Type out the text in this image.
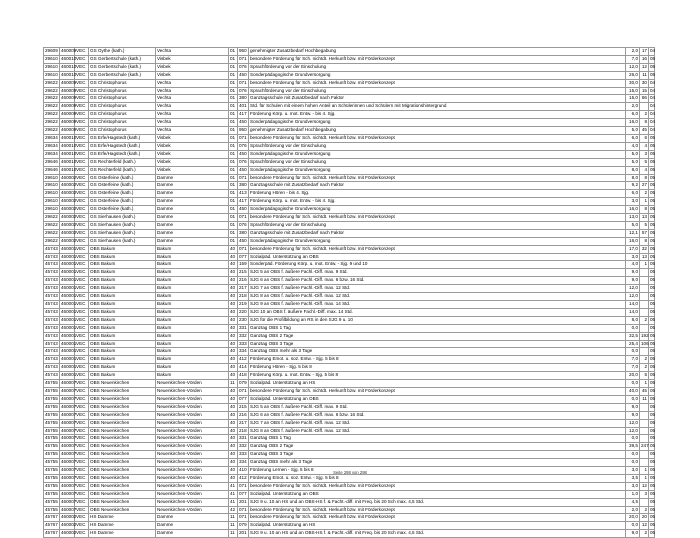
29609	460009	VEC	GS Oythe (kath.)	Vechta	01	950	genehmigter Zusatzbedarf Hochbegabung	2,0	17	04
29610	460010	VEC	GS Gerbertschule (kath.)	Visbek	01	071	besondere Förderung für Sch. nichtdt. Herkunft bzw. mit Förderkonzept	7,0	16	05
29610	460010	VEC	GS Gerbertschule (kath.)	Visbek	01	076	Sprachförderung vor der Einschulung	12,0	12	05
29610	460010	VEC	GS Gerbertschule (kath.)	Visbek	01	450	Sonderpädagogische Grundversorgung	26,0	11	05
29622	460009	VEC	GS Christophorus	Vechta	01	071	besondere Förderung für Sch. nichtdt. Herkunft bzw. mit Förderkonzept	30,0	30	04
29622	460009	VEC	GS Christophorus	Vechta	01	076	Sprachförderung vor der Einschulung	15,0	15	04
29622	460009	VEC	GS Christophorus	Vechta	01	380	Ganztagsschule mit Zusatzbedarf nach Faktor	15,0	86	04
29622	460009	VEC	GS Christophorus	Vechta	01	401	Std. für Schulen mit einem hohen Anteil an Schülerinnen und Schülern mit Migrationshintergrund	2,0		04
29622	460009	VEC	GS Christophorus	Vechta	01	417	Förderung Körp. u. mot. Entw. - bis 4. Sjg.	6,0	2	04
29622	460009	VEC	GS Christophorus	Vechta	01	450	Sonderpädagogische Grundversorgung	16,0	8	04
29622	460009	VEC	GS Christophorus	Vechta	01	950	genehmigter Zusatzbedarf Hochbegabung	5,0	45	04
29634	460010	VEC	GS Erfe/Hagstedt (kath.)	Visbek	01	071	besondere Förderung für Sch. nichtdt. Herkunft bzw. mit Förderkonzept	6,0	6	05
29634	460010	VEC	GS Erfe/Hagstedt (kath.)	Visbek	01	076	Sprachförderung vor der Einschulung	4,0	4	05
29634	460010	VEC	GS Erfe/Hagstedt (kath.)	Visbek	01	450	Sonderpädagogische Grundversorgung	5,0	3	05
29646	460010	VEC	GS Rechterfeld (kath.)	Visbek	01	076	Sprachförderung vor der Einschulung	5,0	5	05
29646	460010	VEC	GS Rechterfeld (kath.)	Visbek	01	450	Sonderpädagogische Grundversorgung	8,0	4	05
29610	460002	VEC	GS Osterfeine (kath.)	Damme	01	071	besondere Förderung für Sch. nichtdt. Herkunft bzw. mit Förderkonzept	8,0	8	05
29610	460002	VEC	GS Osterfeine (kath.)	Damme	01	380	Ganztagsschule mit Zusatzbedarf nach Faktor	9,2	27	05
29610	460002	VEC	GS Osterfeine (kath.)	Damme	01	413	Förderung Hören - bis 4. Sjg.	6,0	2	05
29610	460002	VEC	GS Osterfeine (kath.)	Damme	01	417	Förderung Körp. u. mot. Entw. - bis 4. Sjg.	3,0	1	05
29610	460002	VEC	GS Osterfeine (kath.)	Damme	01	450	Sonderpädagogische Grundversorgung	16,0	8	05
29622	460002	VEC	GS Sierhausen (kath.)	Damme	01	071	besondere Förderung für Sch. nichtdt. Herkunft bzw. mit Förderkonzept	13,0	13	05
29622	460002	VEC	GS Sierhausen (kath.)	Damme	01	076	Sprachförderung vor der Einschulung	5,0	5	05
29622	460002	VEC	GS Sierhausen (kath.)	Damme	01	380	Ganztagsschule mit Zusatzbedarf nach Faktor	12,1	57	05
29622	460002	VEC	GS Sierhausen (kath.)	Damme	01	450	Sonderpädagogische Grundversorgung	16,0	8	05
45743	460001	VEC	OBS Bakum	Bakum	40	071	besondere Förderung für Sch. nichtdt. Herkunft bzw. mit Förderkonzept	17,0	32	05
45743	460001	VEC	OBS Bakum	Bakum	40	077	Sozialpäd. Unterstützung an OBS	3,0	13	05
45743	460001	VEC	OBS Bakum	Bakum	40	159	Sonderpäd. Förderung Körp. u. mot. Entw. - Sjg. 9 und 10	4,0	1	05
45743	460001	VEC	OBS Bakum	Bakum	40	215	SJG 5 an OBS f. äußere Fachl.-Diff. max. 9 Std.	9,0		05
45743	460001	VEC	OBS Bakum	Bakum	40	216	SJG 6 an OBS f. äußere Fachl.-Diff. max. 6 bzw. 16 Std.	9,0		05
45743	460001	VEC	OBS Bakum	Bakum	40	217	SJG 7 an OBS f. äußere Fachl.-Diff. max. 12 Std.	12,0		05
45743	460001	VEC	OBS Bakum	Bakum	40	218	SJG 8 an OBS f. äußere Fachl.-Diff. max. 12 Std.	12,0		05
45743	460001	VEC	OBS Bakum	Bakum	40	219	SJG 9 an OBS f. äußere Fachl.-Diff. max. 14 Std.	14,0		05
45743	460001	VEC	OBS Bakum	Bakum	40	220	SJG 10 an OBS f. äußere Fachl.-Diff. max. 14 Std.	14,0		05
45743	460001	VEC	OBS Bakum	Bakum	40	230	SJG für die Profilbildung an RS in den SJG 9 u. 10	8,0	2	05
45743	460001	VEC	OBS Bakum	Bakum	40	331	Ganztag OBS 1 Tag	0,0		05
45743	460001	VEC	OBS Bakum	Bakum	40	332	Ganztag OBS 2 Tage	32,5	192	05
45743	460001	VEC	OBS Bakum	Bakum	40	333	Ganztag OBS 3 Tage	25,4	106	05
45743	460001	VEC	OBS Bakum	Bakum	40	334	Ganztag OBS mehr als 3 Tage	0,0		05
45743	460001	VEC	OBS Bakum	Bakum	40	412	Förderung Emot. u. soz. Entw. - Sjg. 5 bis 8	7,0	2	05
45743	460001	VEC	OBS Bakum	Bakum	40	414	Förderung Hören - Sjg. 5 bis 8	7,0	2	05
45743	460001	VEC	OBS Bakum	Bakum	40	418	Förderung Körp. u. mot. Entw. - Sjg. 5 bis 8	20,0	5	05
45755	460007	VEC	OBS Neuenkirchen	Neuenkirchen-Vörden	11	079	Sozialpäd. Unterstützung an HS	0,0	1	05
45755	460007	VEC	OBS Neuenkirchen	Neuenkirchen-Vörden	40	071	besondere Förderung für Sch. nichtdt. Herkunft bzw. mit Förderkonzept	40,0	45	05
45755	460007	VEC	OBS Neuenkirchen	Neuenkirchen-Vörden	40	077	Sozialpäd. Unterstützung an OBS	0,0	11	05
45755	460007	VEC	OBS Neuenkirchen	Neuenkirchen-Vörden	40	215	SJG 5 an OBS f. äußere Fachl.-Diff. max. 9 Std.	9,0		05
45755	460007	VEC	OBS Neuenkirchen	Neuenkirchen-Vörden	40	216	SJG 6 an OBS f. äußere Fachl.-Diff. max. 6 bzw. 16 Std.	9,0		05
45755	460007	VEC	OBS Neuenkirchen	Neuenkirchen-Vörden	40	217	SJG 7 an OBS f. äußere Fachl.-Diff. max. 12 Std.	12,0		05
45755	460007	VEC	OBS Neuenkirchen	Neuenkirchen-Vörden	40	218	SJG 8 an OBS f. äußere Fachl.-Diff. max. 12 Std.	12,0		05
45755	460007	VEC	OBS Neuenkirchen	Neuenkirchen-Vörden	40	331	Ganztag OBS 1 Tag	0,0		05
45755	460007	VEC	OBS Neuenkirchen	Neuenkirchen-Vörden	40	332	Ganztag OBS 2 Tage	39,5	247	05
45755	460007	VEC	OBS Neuenkirchen	Neuenkirchen-Vörden	40	333	Ganztag OBS 3 Tage	0,0		05
45755	460007	VEC	OBS Neuenkirchen	Neuenkirchen-Vörden	40	334	Ganztag OBS mehr als 3 Tage	0,0		05
45755	460007	VEC	OBS Neuenkirchen	Neuenkirchen-Vörden	40	410	Förderung Lernen - Sjg. 5 bis 8	3,0	1	05
45755	460007	VEC	OBS Neuenkirchen	Neuenkirchen-Vörden	40	412	Förderung Emot. u. soz. Entw. - Sjg. 5 bis 8	3,5	1	05
45755	460007	VEC	OBS Neuenkirchen	Neuenkirchen-Vörden	41	071	besondere Förderung für Sch. nichtdt. Herkunft bzw. mit Förderkonzept	3,0	12	05
45755	460007	VEC	OBS Neuenkirchen	Neuenkirchen-Vörden	41	077	Sozialpäd. Unterstützung an OBS	1,0	3	05
45755	460007	VEC	OBS Neuenkirchen	Neuenkirchen-Vörden	41	201	SJG 9 u. 10 an HS und an OBS-HS f. & Facht.-diff. mit Freq. bis 20 Sch max. 4,5 Std.	4,5		05
45755	460007	VEC	OBS Neuenkirchen	Neuenkirchen-Vörden	42	071	besondere Förderung für Sch. nichtdt. Herkunft bzw. mit Förderkonzept	2,0	2	05
45767	460002	VEC	HS Damme	Damme	11	071	besondere Förderung für Sch. nichtdt. Herkunft bzw. mit Förderkonzept	20,0	20	05
45767	460002	VEC	HS Damme	Damme	11	079	Sozialpäd. Unterstützung an HS	0,0	12	05
45767	460002	VEC	HS Damme	Damme	11	201	SJG 9 u. 10 an HS und an OBS-HS f. & Facht.-diff. mit Freq. bis 20 Sch max. 4,5 Std.	9,0	2	05
Seite 298 von 298
